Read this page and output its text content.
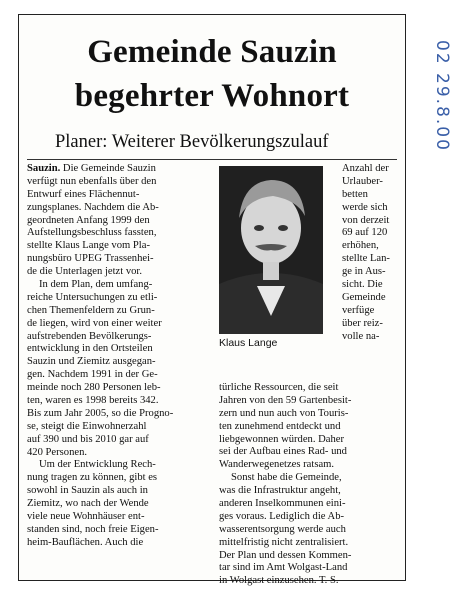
Gemeinde Sauzin
begehrter Wohnort
Planer: Weiterer Bevölkerungszulauf
Sauzin. Die Gemeinde Sauzin
verfügt nun ebenfalls über den
Entwurf eines Flächennut-
zungsplanes. Nachdem die Ab-
geordneten Anfang 1999 den
Aufstellungsbeschluss fassten,
stellte Klaus Lange vom Pla-
nungsbüro UPEG Trassenhei-
de die Unterlagen jetzt vor.
In dem Plan, dem umfang-
reiche Untersuchungen zu etli-
chen Themenfeldern zu Grun-
de liegen, wird von einer weiter
aufstrebenden Bevölkerungs-
entwicklung in den Ortsteilen
Sauzin und Ziemitz ausgegan-
gen. Nachdem 1991 in der Ge-
meinde noch 280 Personen leb-
ten, waren es 1998 bereits 342.
Bis zum Jahr 2005, so die Progno-
se, steigt die Einwohnerzahl
auf 390 und bis 2010 gar auf
420 Personen.
Um der Entwicklung Rech-
nung tragen zu können, gibt es
sowohl in Sauzin als auch in
Ziemitz, wo nach der Wende
viele neue Wohnhäuser ent-
standen sind, noch freie Eigen-
heim-Bauflächen. Auch die
Klaus Lange
Anzahl der
Urlauber-
betten
werde sich
von derzeit
69 auf 120
erhöhen,
stellte Lan-
ge in Aus-
sicht. Die
Gemeinde
verfüge
über reiz-
volle na-
türliche Ressourcen, die seit
Jahren von den 59 Gartenbesit-
zern und nun auch von Touris-
ten zunehmend entdeckt und
liebgewonnen würden. Daher
sei der Aufbau eines Rad- und
Wanderwegenetzes ratsam.
Sonst habe die Gemeinde,
was die Infrastruktur angeht,
anderen Inselkommunen eini-
ges voraus. Lediglich die Ab-
wasserentsorgung werde auch
mittelfristig nicht zentralisiert.
Der Plan und dessen Kommen-
tar sind im Amt Wolgast-Land
in Wolgast einzusehen. T. S.
02 29.8.00
